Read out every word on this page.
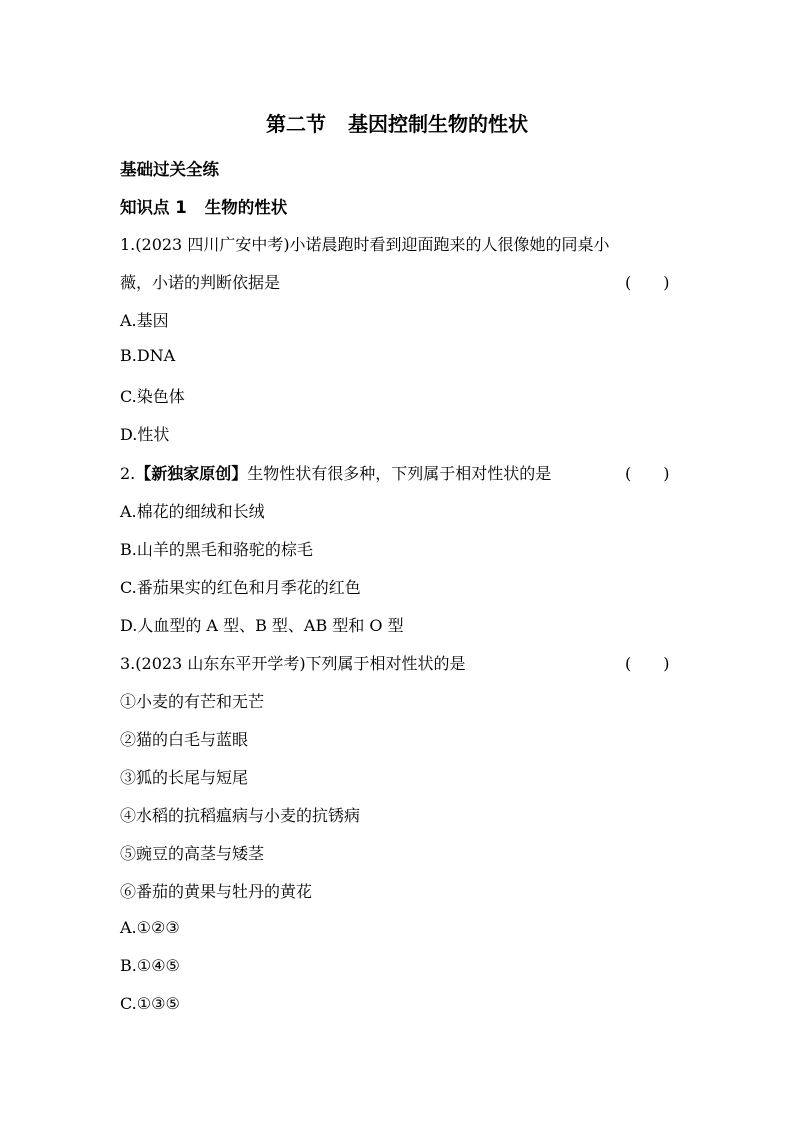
第二节 基因控制生物的性状
基础过关全练
知识点 1 生物的性状
1.(2023 四川广安中考)小诺晨跑时看到迎面跑来的人很像她的同桌小
薇，小诺的判断依据是	(　　)
A.基因
B.DNA
C.染色体
D.性状
2.【新独家原创】生物性状有很多种，下列属于相对性状的是	(　　)
A.棉花的细绒和长绒
B.山羊的黑毛和骆驼的棕毛
C.番茄果实的红色和月季花的红色
D.人血型的 A 型、B 型、AB 型和 O 型
3.(2023 山东东平开学考)下列属于相对性状的是	(　　)
①小麦的有芒和无芒
②猫的白毛与蓝眼
③狐的长尾与短尾
④水稻的抗稻瘟病与小麦的抗锈病
⑤豌豆的高茎与矮茎
⑥番茄的黄果与牡丹的黄花
A.①②③
B.①④⑤
C.①③⑤
